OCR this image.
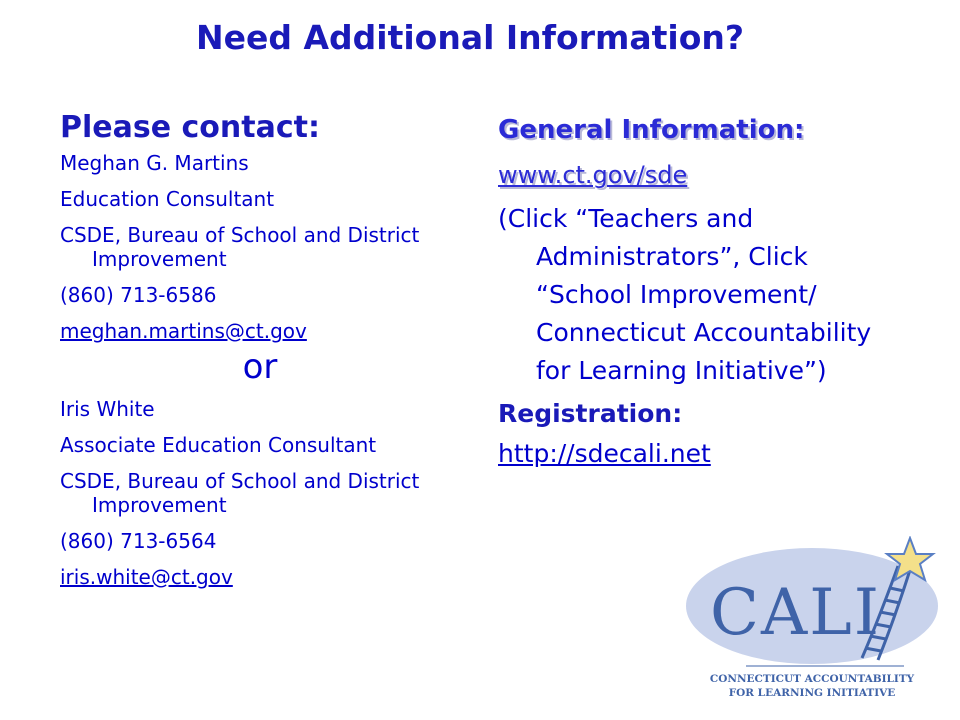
Need Additional Information?
Please contact:
Meghan G. Martins
Education Consultant
CSDE, Bureau of School and District Improvement
(860) 713-6586
meghan.martins@ct.gov
or
Iris White
Associate Education Consultant
CSDE, Bureau of School and District Improvement
(860) 713-6564
iris.white@ct.gov
General Information:
www.ct.gov/sde
(Click “Teachers and Administrators”, Click “School Improvement/ Connecticut Accountability for Learning Initiative”)
Registration:
http://sdecali.net
CALI
CONNECTICUT ACCOUNTABILITY
FOR LEARNING INITIATIVE
